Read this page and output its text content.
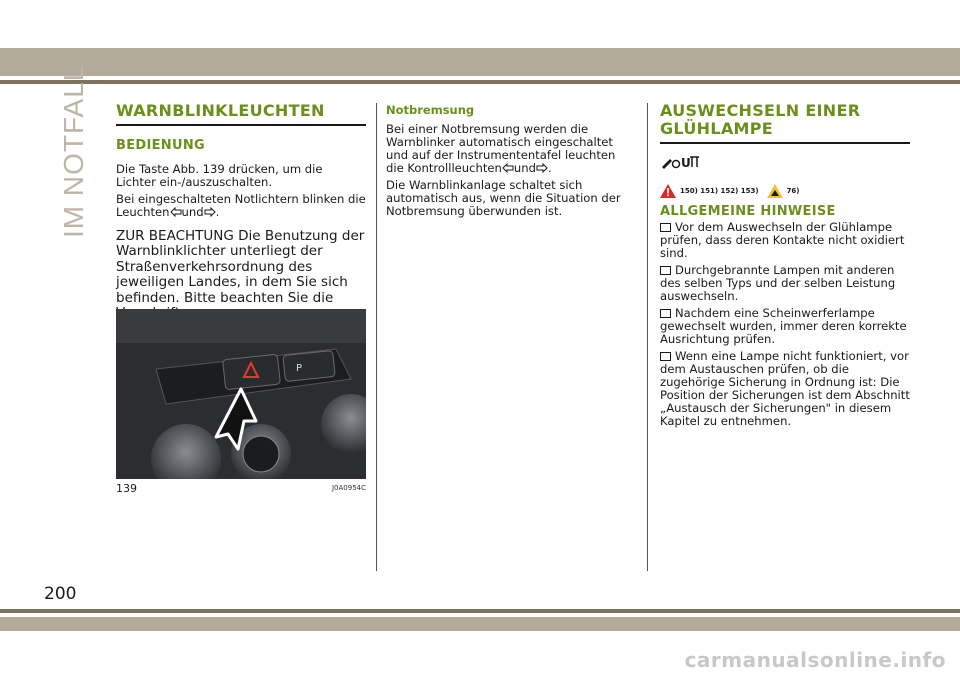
IM NOTFALL WARNBLINKLEUCHTEN
BEDIENUNG

Die Taste Abb. 139 drücken, um die Lichter ein-/auszuschalten.

Bei eingeschalteten Notlichtern blinken die Leuchten und .

ZUR BEACHTUNG Die Benutzung der Warnblinklichter unterliegt der Straßenverkehrsordnung des jeweiligen Landes, in dem Sie sich befinden. Bitte beachten Sie die

P
139	J0A0954C
Notbremsung

Bei einer Notbremsung werden die Warnblinker automatisch eingeschaltet und auf der Instrumententafel leuchten die Kontrollleuchten und .

Die Warnblinkanlage schaltet sich automatisch aus, wenn die Situation der Notbremsung überwunden ist.

AUSWECHSELN EINER
GLÜHLAMPE
U
150) 151) 152) 153)	76)
ALLGEMEINE HINWEISE

Vor dem Auswechseln der Glühlampe prüfen, dass deren Kontakte nicht oxidiert sind.

Durchgebrannte Lampen mit anderen des selben Typs und der selben Leistung auswechseln.

Nachdem eine Scheinwerferlampe gewechselt wurden, immer deren korrekte Ausrichtung prüfen.

Wenn eine Lampe nicht funktioniert, vor dem Austauschen prüfen, ob die zugehörige Sicherung in Ordnung ist: Die Position der Sicherungen ist dem Abschnitt „Austausch der Sicherungen" in diesem Kapitel zu entnehmen.

200
carmanualsonline.info
